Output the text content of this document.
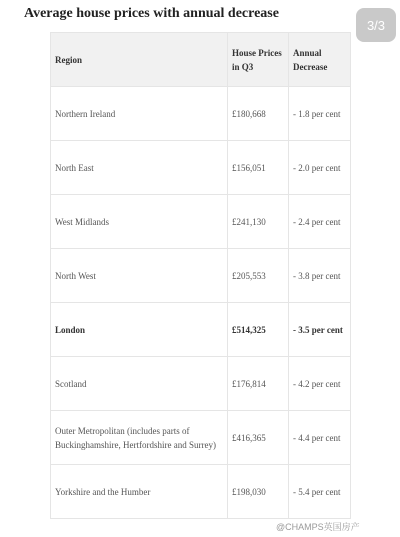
Average house prices with annual decrease
3/3
Region	House Prices in Q3	Annual Decrease
Northern Ireland	£180,668	- 1.8 per cent
North East	£156,051	- 2.0 per cent
West Midlands	£241,130	- 2.4 per cent
North West	£205,553	- 3.8 per cent
London	£514,325	- 3.5 per cent
Scotland	£176,814	- 4.2 per cent
Outer Metropolitan (includes parts of Buckinghamshire, Hertfordshire and Surrey)	£416,365	- 4.4 per cent
Yorkshire and the Humber	£198,030	- 5.4 per cent
@CHAMPS英国房产
